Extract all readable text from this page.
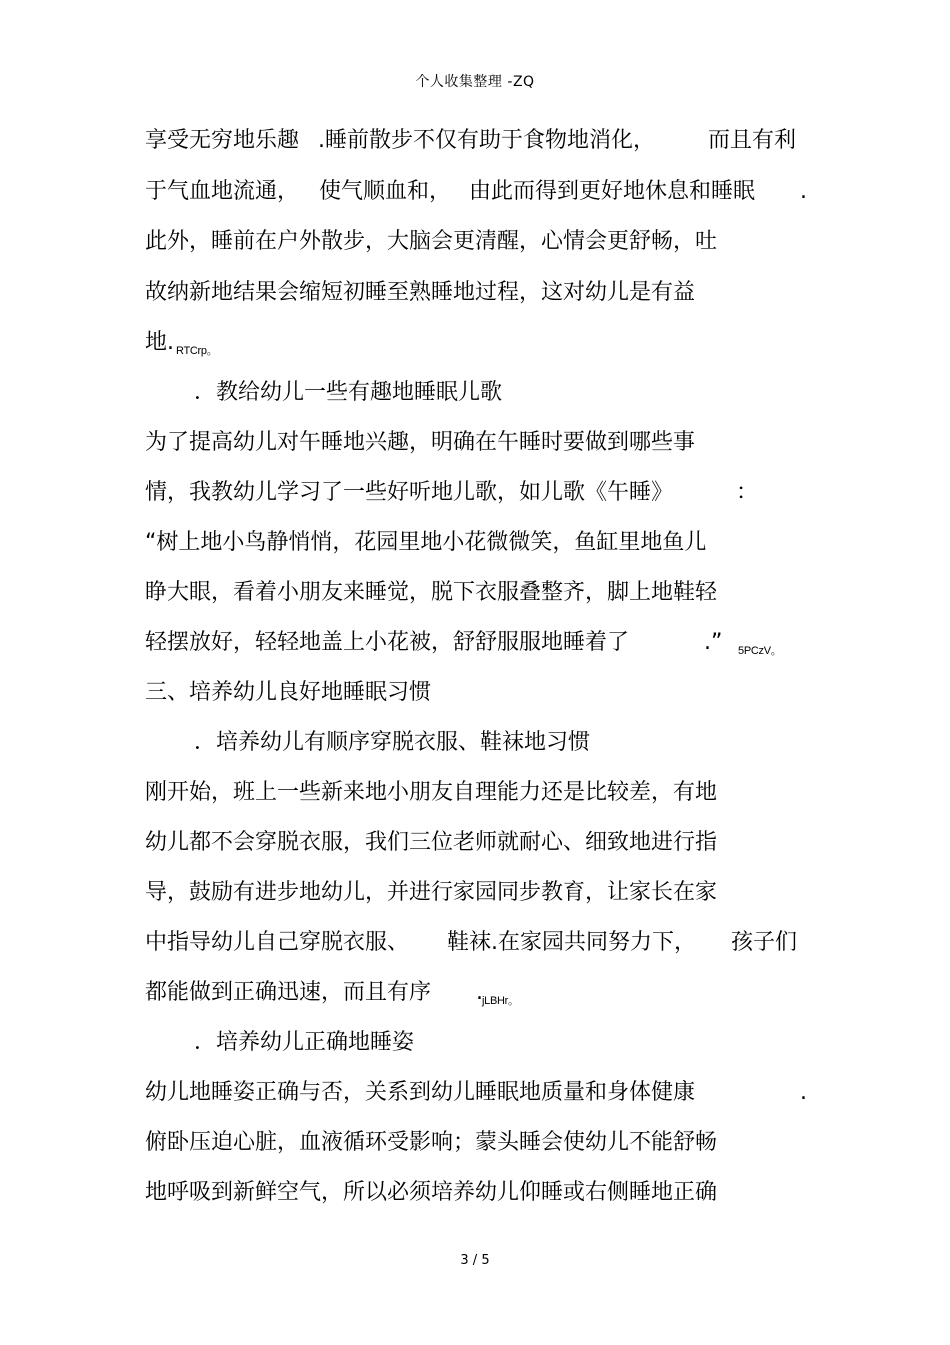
个人收集整理 -ZQ
享受无穷地乐趣 .睡前散步不仅有助于食物地消化， 而且有利
于气血地流通， 使气顺血和， 由此而得到更好地休息和睡眠 .
此外，睡前在户外散步，大脑会更清醒，心情会更舒畅，吐
故纳新地结果会缩短初睡至熟睡地过程，这对幼儿是有益
地. RTCrp。
．教给幼儿一些有趣地睡眠儿歌
为了提高幼儿对午睡地兴趣，明确在午睡时要做到哪些事
情，我教幼儿学习了一些好听地儿歌，如儿歌《午睡》	：
“树上地小鸟静悄悄，花园里地小花微微笑，鱼缸里地鱼儿
睁大眼，看着小朋友来睡觉，脱下衣服叠整齐，脚上地鞋轻
轻摆放好，轻轻地盖上小花被，舒舒服服地睡着了	.” 5PCzV。
三、培养幼儿良好地睡眠习惯
．培养幼儿有顺序穿脱衣服、鞋袜地习惯
刚开始，班上一些新来地小朋友自理能力还是比较差，有地
幼儿都不会穿脱衣服，我们三位老师就耐心、细致地进行指
导，鼓励有进步地幼儿，并进行家园同步教育，让家长在家
中指导幼儿自己穿脱衣服、 鞋袜.在家园共同努力下， 孩子们
都能做到正确迅速，而且有序 . jLBHr。
．培养幼儿正确地睡姿
幼儿地睡姿正确与否，关系到幼儿睡眠地质量和身体健康	.
俯卧压迫心脏，血液循环受影响；蒙头睡会使幼儿不能舒畅
地呼吸到新鲜空气，所以必须培养幼儿仰睡或右侧睡地正确
3 / 5
